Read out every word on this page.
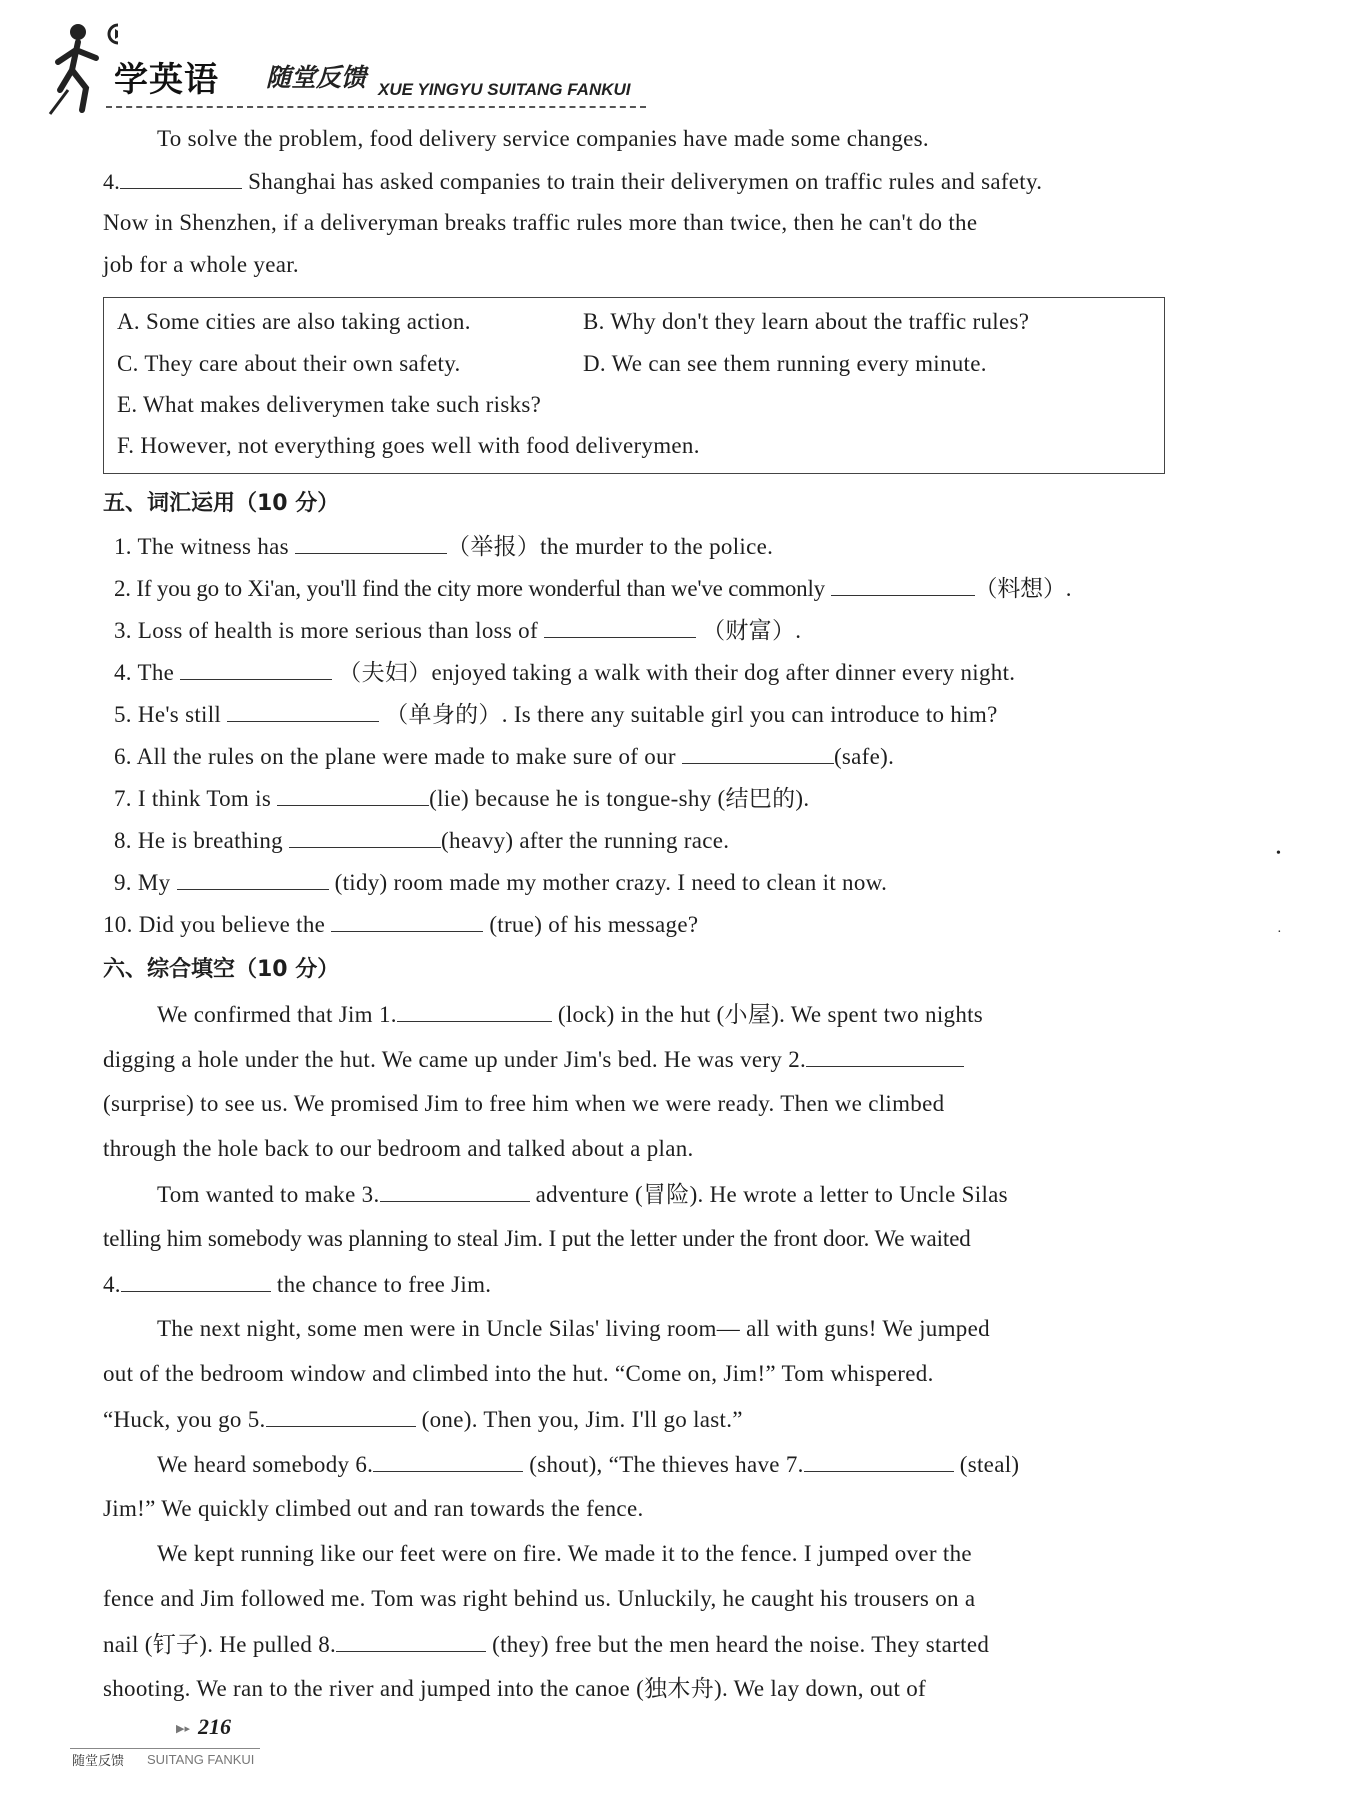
学英语 随堂反馈 XUE YINGYU SUITANG FANKUI
To solve the problem, food delivery service companies have made some changes.
4.	Shanghai has asked companies to train their deliverymen on traffic rules and safety.
Now in Shenzhen, if a deliveryman breaks traffic rules more than twice, then he can't do the
job for a whole year.
A. Some cities are also taking action.	B. Why don't they learn about the traffic rules?
C. They care about their own safety.	D. We can see them running every minute.
E. What makes deliverymen take such risks?
F. However, not everything goes well with food deliverymen.
五、词汇运用（10 分）
1. The witness has	（举报）the murder to the police.
2. If you go to Xi'an, you'll find the city more wonderful than we've commonly	（料想）.
3. Loss of health is more serious than loss of	（财富）.
4. The	（夫妇）enjoyed taking a walk with their dog after dinner every night.
5. He's still	（单身的）. Is there any suitable girl you can introduce to him?
6. All the rules on the plane were made to make sure of our	(safe).
7. I think Tom is	(lie) because he is tongue-shy (结巴的).
8. He is breathing	(heavy) after the running race.
9. My	(tidy) room made my mother crazy. I need to clean it now.
10. Did you believe the	(true) of his message?
六、综合填空（10 分）
We confirmed that Jim 1.	(lock) in the hut (小屋). We spent two nights
digging a hole under the hut. We came up under Jim's bed. He was very 2.
(surprise) to see us. We promised Jim to free him when we were ready. Then we climbed
through the hole back to our bedroom and talked about a plan.
Tom wanted to make 3.	adventure (冒险). He wrote a letter to Uncle Silas
telling him somebody was planning to steal Jim. I put the letter under the front door. We waited
4.	the chance to free Jim.
The next night, some men were in Uncle Silas' living room— all with guns! We jumped
out of the bedroom window and climbed into the hut. “Come on, Jim!” Tom whispered.
“Huck, you go 5.	(one). Then you, Jim. I'll go last.”
We heard somebody 6.	(shout), “The thieves have 7.	(steal)
Jim!” We quickly climbed out and ran towards the fence.
We kept running like our feet were on fire. We made it to the fence. I jumped over the
fence and Jim followed me. Tom was right behind us. Unluckily, he caught his trousers on a
nail (钉子). He pulled 8.	(they) free but the men heard the noise. They started
shooting. We ran to the river and jumped into the canoe (独木舟). We lay down, out of
•
·
▶▸ 216
随堂反馈 SUITANG FANKUI
